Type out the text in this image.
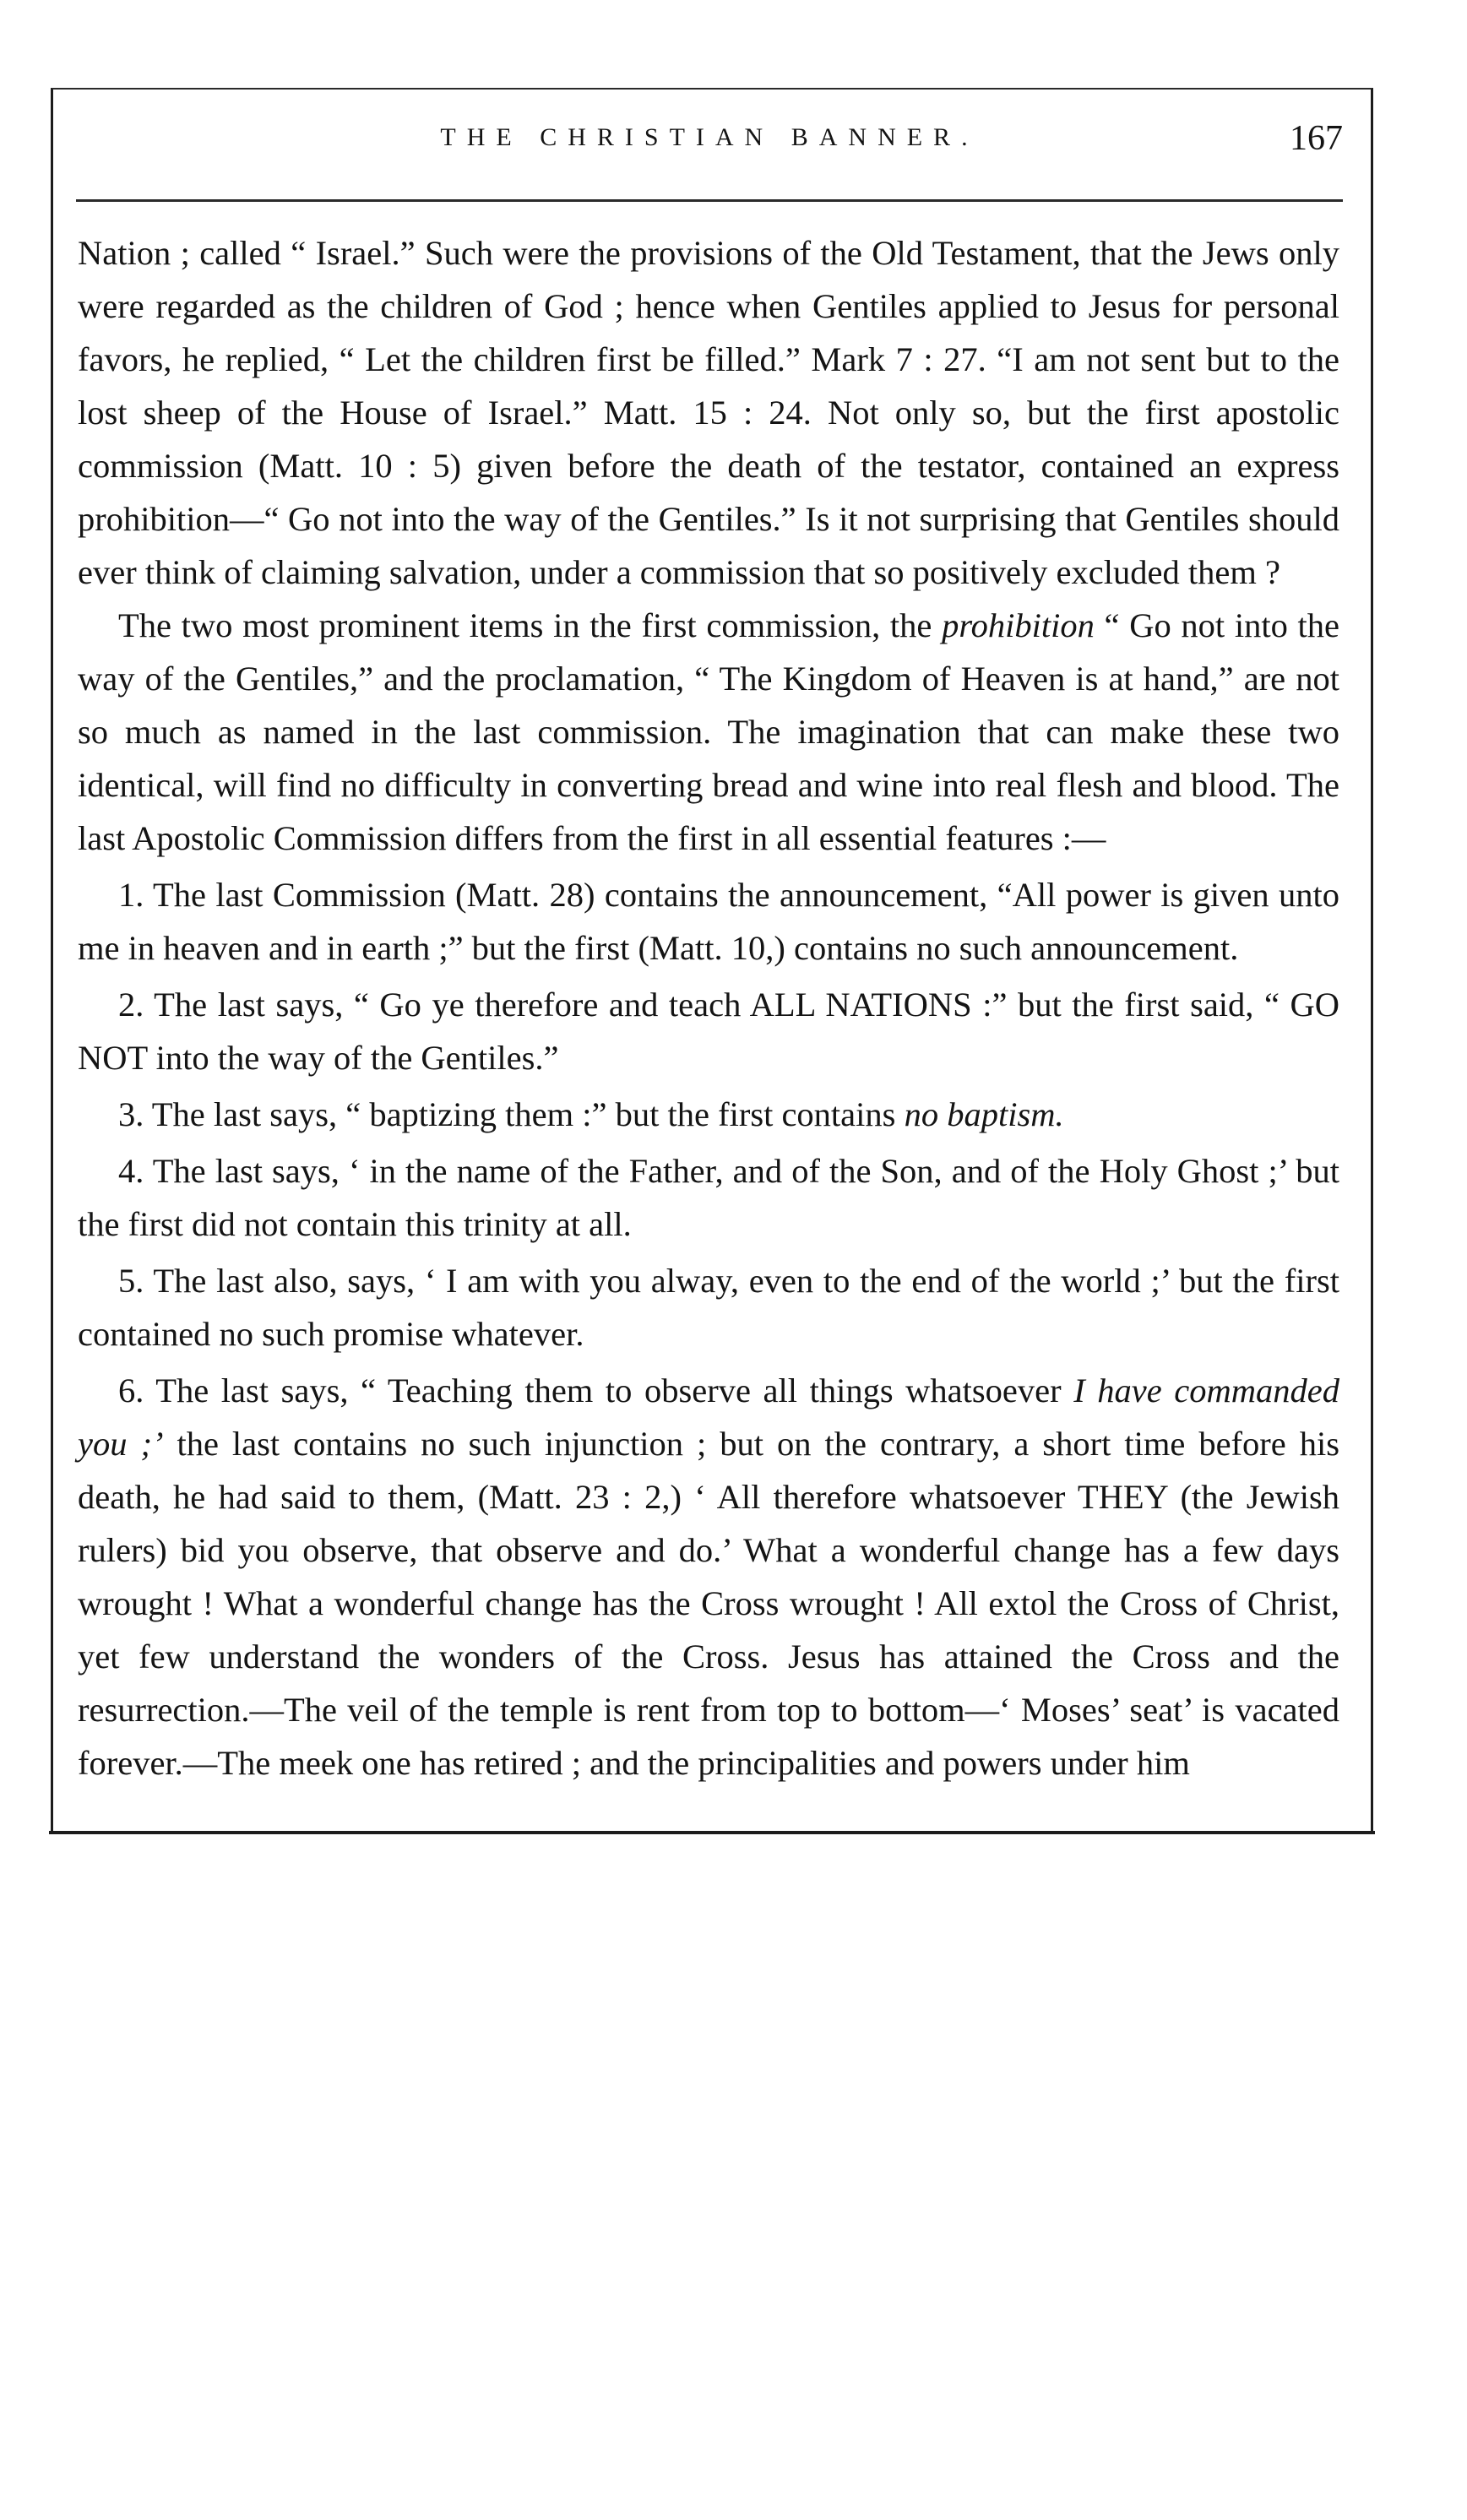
THE CHRISTIAN BANNER.	167

Nation ; called “ Israel.” Such were the provisions of the Old Testament, that the Jews only were regarded as the children of God ; hence when Gentiles applied to Jesus for personal favors, he replied, “ Let the children first be filled.” Mark 7 : 27. “I am not sent but to the lost sheep of the House of Israel.” Matt. 15 : 24. Not only so, but the first apostolic commission (Matt. 10 : 5) given before the death of the testator, contained an express prohibition—“ Go not into the way of the Gentiles.” Is it not surprising that Gentiles should ever think of claiming salvation, under a commission that so positively excluded them ?

The two most prominent items in the first commission, the prohibition “ Go not into the way of the Gentiles,” and the proclamation, “ The Kingdom of Heaven is at hand,” are not so much as named in the last commission. The imagination that can make these two identical, will find no difficulty in converting bread and wine into real flesh and blood. The last Apostolic Commission differs from the first in all essential features :—

1. The last Commission (Matt. 28) contains the announcement, “All power is given unto me in heaven and in earth ;” but the first (Matt. 10,) contains no such announcement.

2. The last says, “ Go ye therefore and teach ALL NATIONS :” but the first said, “ GO NOT into the way of the Gentiles.”

3. The last says, “ baptizing them :” but the first contains no baptism.

4. The last says, ‘ in the name of the Father, and of the Son, and of the Holy Ghost ;’ but the first did not contain this trinity at all.

5. The last also, says, ‘ I am with you alway, even to the end of the world ;’ but the first contained no such promise whatever.

6. The last says, “ Teaching them to observe all things whatsoever I have commanded you ;’ the last contains no such injunction ; but on the contrary, a short time before his death, he had said to them, (Matt. 23 : 2,) ‘ All therefore whatsoever THEY (the Jewish rulers) bid you observe, that observe and do.’ What a wonderful change has a few days wrought ! What a wonderful change has the Cross wrought ! All extol the Cross of Christ, yet few understand the wonders of the Cross. Jesus has attained the Cross and the resurrection.—The veil of the temple is rent from top to bottom—‘ Moses’ seat’ is vacated forever.—The meek one has retired ; and the principalities and powers under him
